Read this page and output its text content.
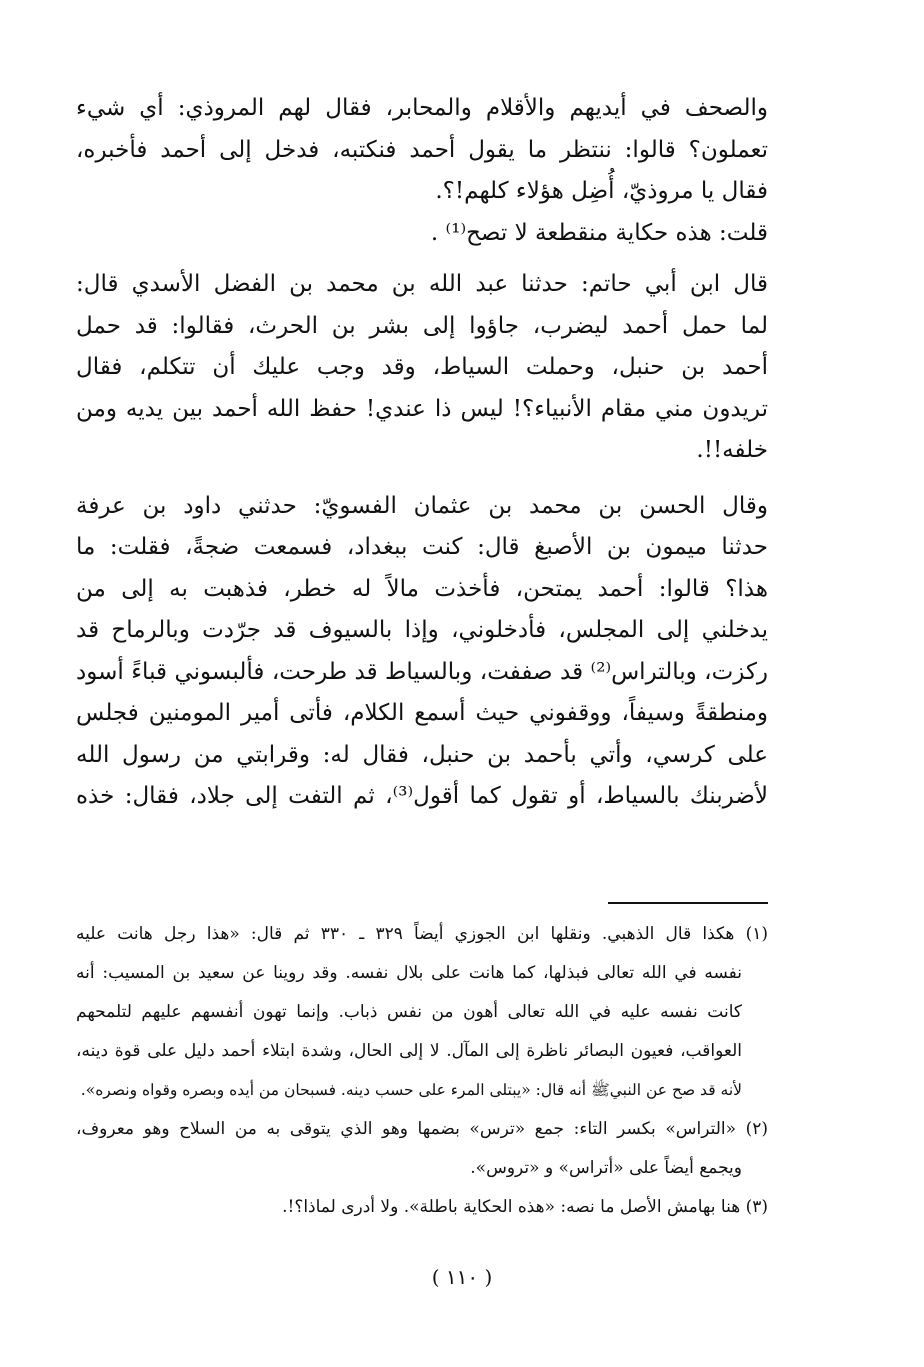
والصحف في أيديهم والأقلام والمحابر، فقال لهم المروذي: أي شيء
تعملون؟ قالوا: ننتظر ما يقول أحمد فنكتبه، فدخل إلى أحمد فأخبره،
فقال يا مروذيّ، أُضِل هؤلاء كلهم!؟.

قلت: هذه حكاية منقطعة لا تصح⁽¹⁾ .

قال ابن أبي حاتم: حدثنا عبد الله بن محمد بن الفضل الأسدي قال:
لما حمل أحمد ليضرب، جاؤوا إلى بشر بن الحرث، فقالوا: قد حمل
أحمد بن حنبل، وحملت السياط، وقد وجب عليك أن تتكلم، فقال
تريدون مني مقام الأنبياء؟! ليس ذا عندي! حفظ الله أحمد بين يديه ومن
خلفه!!.

وقال الحسن بن محمد بن عثمان الفسويّ: حدثني داود بن عرفة
حدثنا ميمون بن الأصبغ قال: كنت ببغداد، فسمعت ضجةً، فقلت: ما
هذا؟ قالوا: أحمد يمتحن، فأخذت مالاً له خطر، فذهبت به إلى من
يدخلني إلى المجلس، فأدخلوني، وإذا بالسيوف قد جرّدت وبالرماح قد
ركزت، وبالتراس⁽²⁾ قد صففت، وبالسياط قد طرحت، فألبسوني قباءً أسود
ومنطقةً وسيفاً، ووقفوني حيث أسمع الكلام، فأتى أمير المومنين فجلس
على كرسي، وأتي بأحمد بن حنبل، فقال له: وقرابتي من رسول الله
لأضربنك بالسياط، أو تقول كما أقول⁽³⁾، ثم التفت إلى جلاد، فقال: خذه

(١) هكذا قال الذهبي. ونقلها ابن الجوزي أيضاً ٣٢٩ ـ ٣٣٠ ثم قال: «هذا رجل هانت عليه
نفسه في الله تعالى فبذلها، كما هانت على بلال نفسه. وقد روينا عن سعيد بن المسيب: أنه
كانت نفسه عليه في الله تعالى أهون من نفس ذباب. وإنما تهون أنفسهم عليهم لتلمحهم
العواقب، فعيون البصائر ناظرة إلى المآل. لا إلى الحال، وشدة ابتلاء أحمد دليل على قوة دينه،
لأنه قد صح عن النبيﷺ أنه قال: «يبتلى المرء على حسب دينه. فسبحان من أيده وبصره وقواه ونصره».
(٢) «التراس» بكسر التاء: جمع «ترس» بضمها وهو الذي يتوقى به من السلاح وهو معروف،
ويجمع أيضاً على «أتراس» و «تروس».
(٣) هنا بهامش الأصل ما نصه: «هذه الحكاية باطلة». ولا أدرى لماذا؟!.
( ١١٠ )
